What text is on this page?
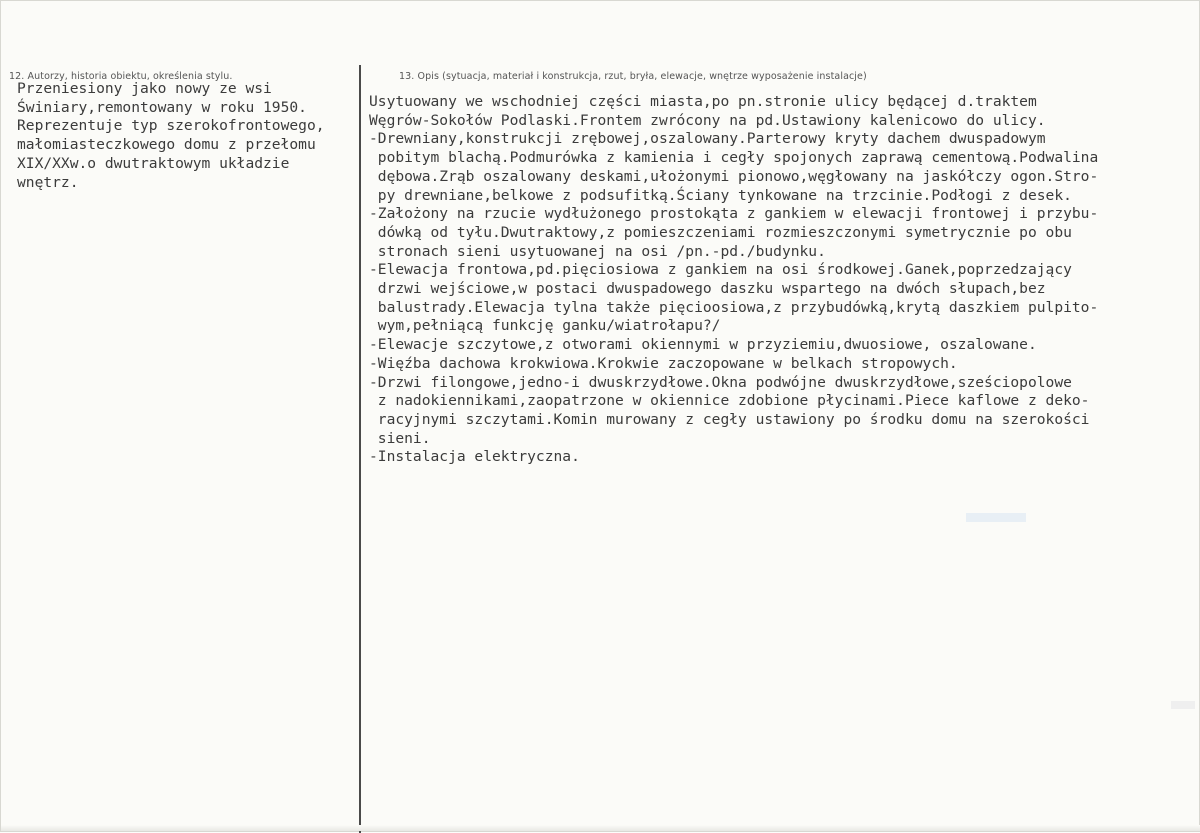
12. Autorzy, historia obiektu, określenia stylu.	13. Opis (sytuacja, materiał i konstrukcja, rzut, bryła, elewacje, wnętrze wyposażenie instalacje)
Przeniesiony jako nowy ze wsi
Świniary,remontowany w roku 1950.
Reprezentuje typ szerokofrontowego,
małomiasteczkowego domu z przełomu
XIX/XXw.o dwutraktowym układzie
wnętrz.
Usytuowany we wschodniej części miasta,po pn.stronie ulicy będącej d.traktem
Węgrów-Sokołów Podlaski.Frontem zwrócony na pd.Ustawiony kalenicowo do ulicy.
-Drewniany,konstrukcji zrębowej,oszalowany.Parterowy kryty dachem dwuspadowym
pobitym blachą.Podmurówka z kamienia i cegły spojonych zaprawą cementową.Podwalina
dębowa.Zrąb oszalowany deskami,ułożonymi pionowo,węgłowany na jaskółczy ogon.Stro-
py drewniane,belkowe z podsufitką.Ściany tynkowane na trzcinie.Podłogi z desek.
-Założony na rzucie wydłużonego prostokąta z gankiem w elewacji frontowej i przybu-
dówką od tyłu.Dwutraktowy,z pomieszczeniami rozmieszczonymi symetrycznie po obu
stronach sieni usytuowanej na osi /pn.-pd./budynku.
-Elewacja frontowa,pd.pięciosiowa z gankiem na osi środkowej.Ganek,poprzedzający
drzwi wejściowe,w postaci dwuspadowego daszku wspartego na dwóch słupach,bez
balustrady.Elewacja tylna także pięcioosiowa,z przybudówką,krytą daszkiem pulpito-
wym,pełniącą funkcję ganku/wiatrołapu?/
-Elewacje szczytowe,z otworami okiennymi w przyziemiu,dwuosiowe, oszalowane.
-Więźba dachowa krokwiowa.Krokwie zaczopowane w belkach stropowych.
-Drzwi filongowe,jedno-i dwuskrzydłowe.Okna podwójne dwuskrzydłowe,sześciopolowe
z nadokiennikami,zaopatrzone w okiennice zdobione płycinami.Piece kaflowe z deko-
racyjnymi szczytami.Komin murowany z cegły ustawiony po środku domu na szerokości
sieni.
-Instalacja elektryczna.
